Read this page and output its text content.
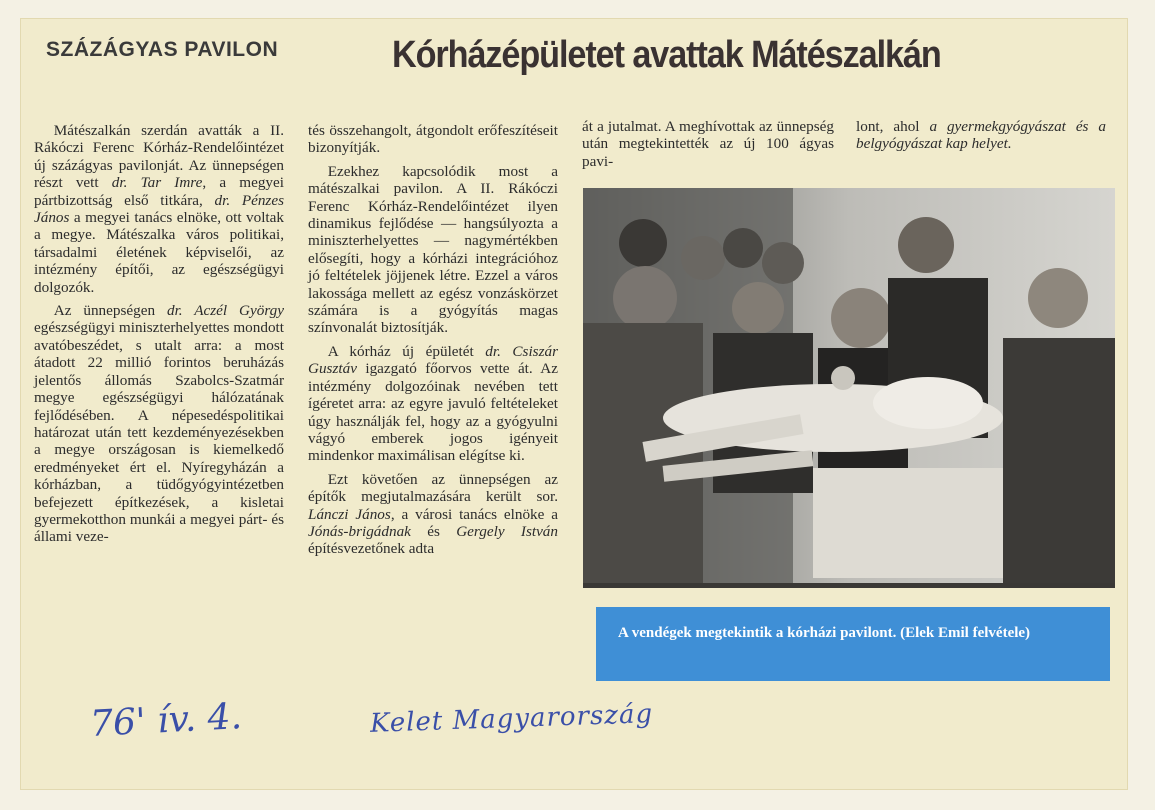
SZÁZÁGYAS PAVILON	Kórházépületet avattak Mátészalkán

Mátészalkán szerdán avatták a II. Rákóczi Ferenc Kórház-Rendelőintézet új százágyas pavilonját. Az ünnepségen részt vett dr. Tar Imre, a megyei pártbizottság első titkára, dr. Pénzes János a megyei tanács elnöke, ott voltak a megye. Mátészalka város politikai, társadalmi életének képviselői, az intézmény építői, az egészségügyi dolgozók.

Az ünnepségen dr. Aczél György egészségügyi miniszterhelyettes mondott avatóbeszédet, s utalt arra: a most átadott 22 millió forintos beruházás jelentős állomás Szabolcs-Szatmár megye egészségügyi hálózatának fejlődésében. A népesedéspolitikai határozat után tett kezdeményezésekben a megye országosan is kiemelkedő eredményeket ért el. Nyíregyházán a kórházban, a tüdőgyógyintézetben befejezett építkezések, a kisletai gyermekotthon munkái a megyei párt- és állami veze-

tés összehangolt, átgondolt erőfeszítéseit bizonyítják.

Ezekhez kapcsolódik most a mátészalkai pavilon. A II. Rákóczi Ferenc Kórház-Rendelőintézet ilyen dinamikus fejlődése — hangsúlyozta a miniszterhelyettes — nagymértékben elősegíti, hogy a kórházi integrációhoz jó feltételek jöjjenek létre. Ezzel a város lakossága mellett az egész vonzáskörzet számára is a gyógyítás magas színvonalát biztosítják.

A kórház új épületét dr. Csiszár Gusztáv igazgató főorvos vette át. Az intézmény dolgozóinak nevében tett ígéretet arra: az egyre javuló feltételeket úgy használják fel, hogy az a gyógyulni vágyó emberek jogos igényeit mindenkor maximálisan elégítse ki.

Ezt követően az ünnepségen az építők megjutalmazására került sor. Lánczi János, a városi tanács elnöke a Jónás-brigádnak és Gergely István építésvezetőnek adta

át a jutalmat. A meghívottak az ünnepség után megtekintették az új 100 ágyas pavi-

lont, ahol a gyermekgyógyászat és a belgyógyászat kap helyet.

A vendégek megtekintik a kórházi pavilont. (Elek Emil felvétele)
76' ív. 4.	Kelet Magyarország
